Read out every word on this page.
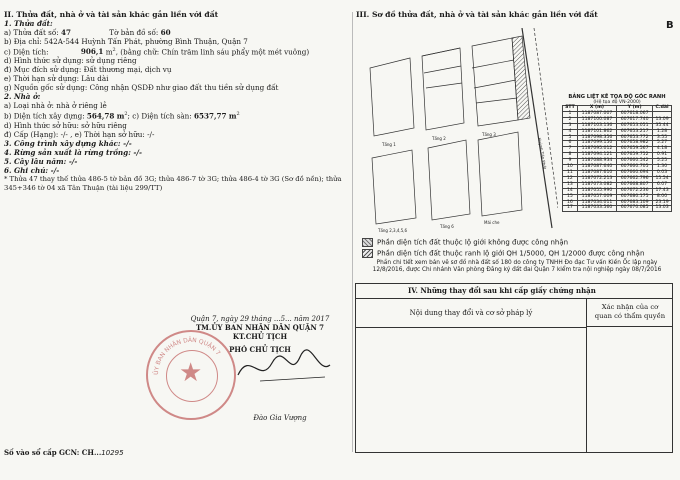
II. Thửa đất, nhà ở và tài sản khác gắn liền với đất

1. Thửa đất:

a) Thửa đất số: 47	Tờ bản đồ số: 60

b) Địa chỉ: 542A-544 Huỳnh Tấn Phát, phường Bình Thuận, Quận 7

c) Diện tích:	906,1 $m^2$, (bằng chữ: Chín trăm linh sáu phẩy một mét vuông)

d) Hình thức sử dụng: sử dụng riêng

đ) Mục đích sử dụng: Đất thương mại, dịch vụ

e) Thời hạn sử dụng: Lâu dài

g) Nguồn gốc sử dụng: Công nhận QSDĐ như giao đất thu tiền sử dụng đất

2. Nhà ở:

a) Loại nhà ở: nhà ở riêng lẻ

b) Diện tích xây dựng: 564,78 $m^2$; c) Diện tích sàn: 6537,77 $m^2$

d) Hình thức sở hữu: sở hữu riêng

đ) Cấp (Hạng): -/- , e) Thời hạn sở hữu: -/-

3. Công trình xây dựng khác: -/-

4. Rừng sản xuất là rừng trồng: -/-

5. Cây lâu năm: -/-

6. Ghi chú: -/-

* Thửa 47 thay thế thửa 486-5 tờ bản đồ 3G; thửa 486-7 tờ 3G; thửa 486-4 tờ 3G (Sơ đồ nền); thửa

345+346 tờ 04 xã Tân Thuận (tài liệu 299/TT)

ỦY BAN NHÂN DÂN QUẬN 7
★
Quận 7, ngày 29 tháng ...5... năm 2017
TM.ỦY BAN NHÂN DÂN QUẬN 7
KT.CHỦ TỊCH
PHÓ CHỦ TỊCH
Đào Gia Vượng
Số vào sổ cấp GCN: CH...10295

III. Sơ đồ thửa đất, nhà ở và tài sản khác gắn liền với đất

B
Tầng 1
Tầng 2
Tầng 3
Tầng 2,3,4,5,6
Tầng 6
Mái che
Huỳnh Tấn Phát
BẢNG LIỆT KÊ TỌA ĐỘ GÓC RANH
(Hệ tọa độ VN-2000)
STT	X (m)	Y (m)	C.dài
1	1187087.007	607618.067	
2	1187100.087	607617.740	13.09
3	1187103.136	607653.051	35.44
4	1187101.862	607653.217	1.28
5	1187098.356	607653.772	3.55
6	1187099.150	607658.982	5.27
7	1187095.012	607659.567	4.18
8	1187094.121	607659.752	0.91
9	1187088.934	607660.542	5.25
10	1187087.640	607660.705	1.30
11	1187087.610	607660.694	0.03
12	1187072.213	607662.796	15.54
13	1187073.082	607668.807	6.07
14	1187055.990	607672.236	17.43
15	1187057.009	607680.175	8.00
16	1187034.011	607683.109	23.19
17	1187033.560	607670.085	13.03
Phần diện tích đất thuộc lộ giới không được công nhận
Phần diện tích đất thuộc ranh lộ giới QH 1/5000, QH 1/2000 được công nhận
Phần chi tiết xem bản vẽ sơ đồ nhà đất số 180 do công ty TNHH Đo đạc Tư vấn Kiến Ốc lập ngày 12/8/2016, được Chi nhánh Văn phòng Đăng ký đất đai Quận 7 kiểm tra nội nghiệp ngày 08/7/2016
IV. Những thay đổi sau khi cấp giấy chứng nhận
Nội dung thay đổi và cơ sở pháp lý
Xác nhận của cơ
quan có thẩm quyền
